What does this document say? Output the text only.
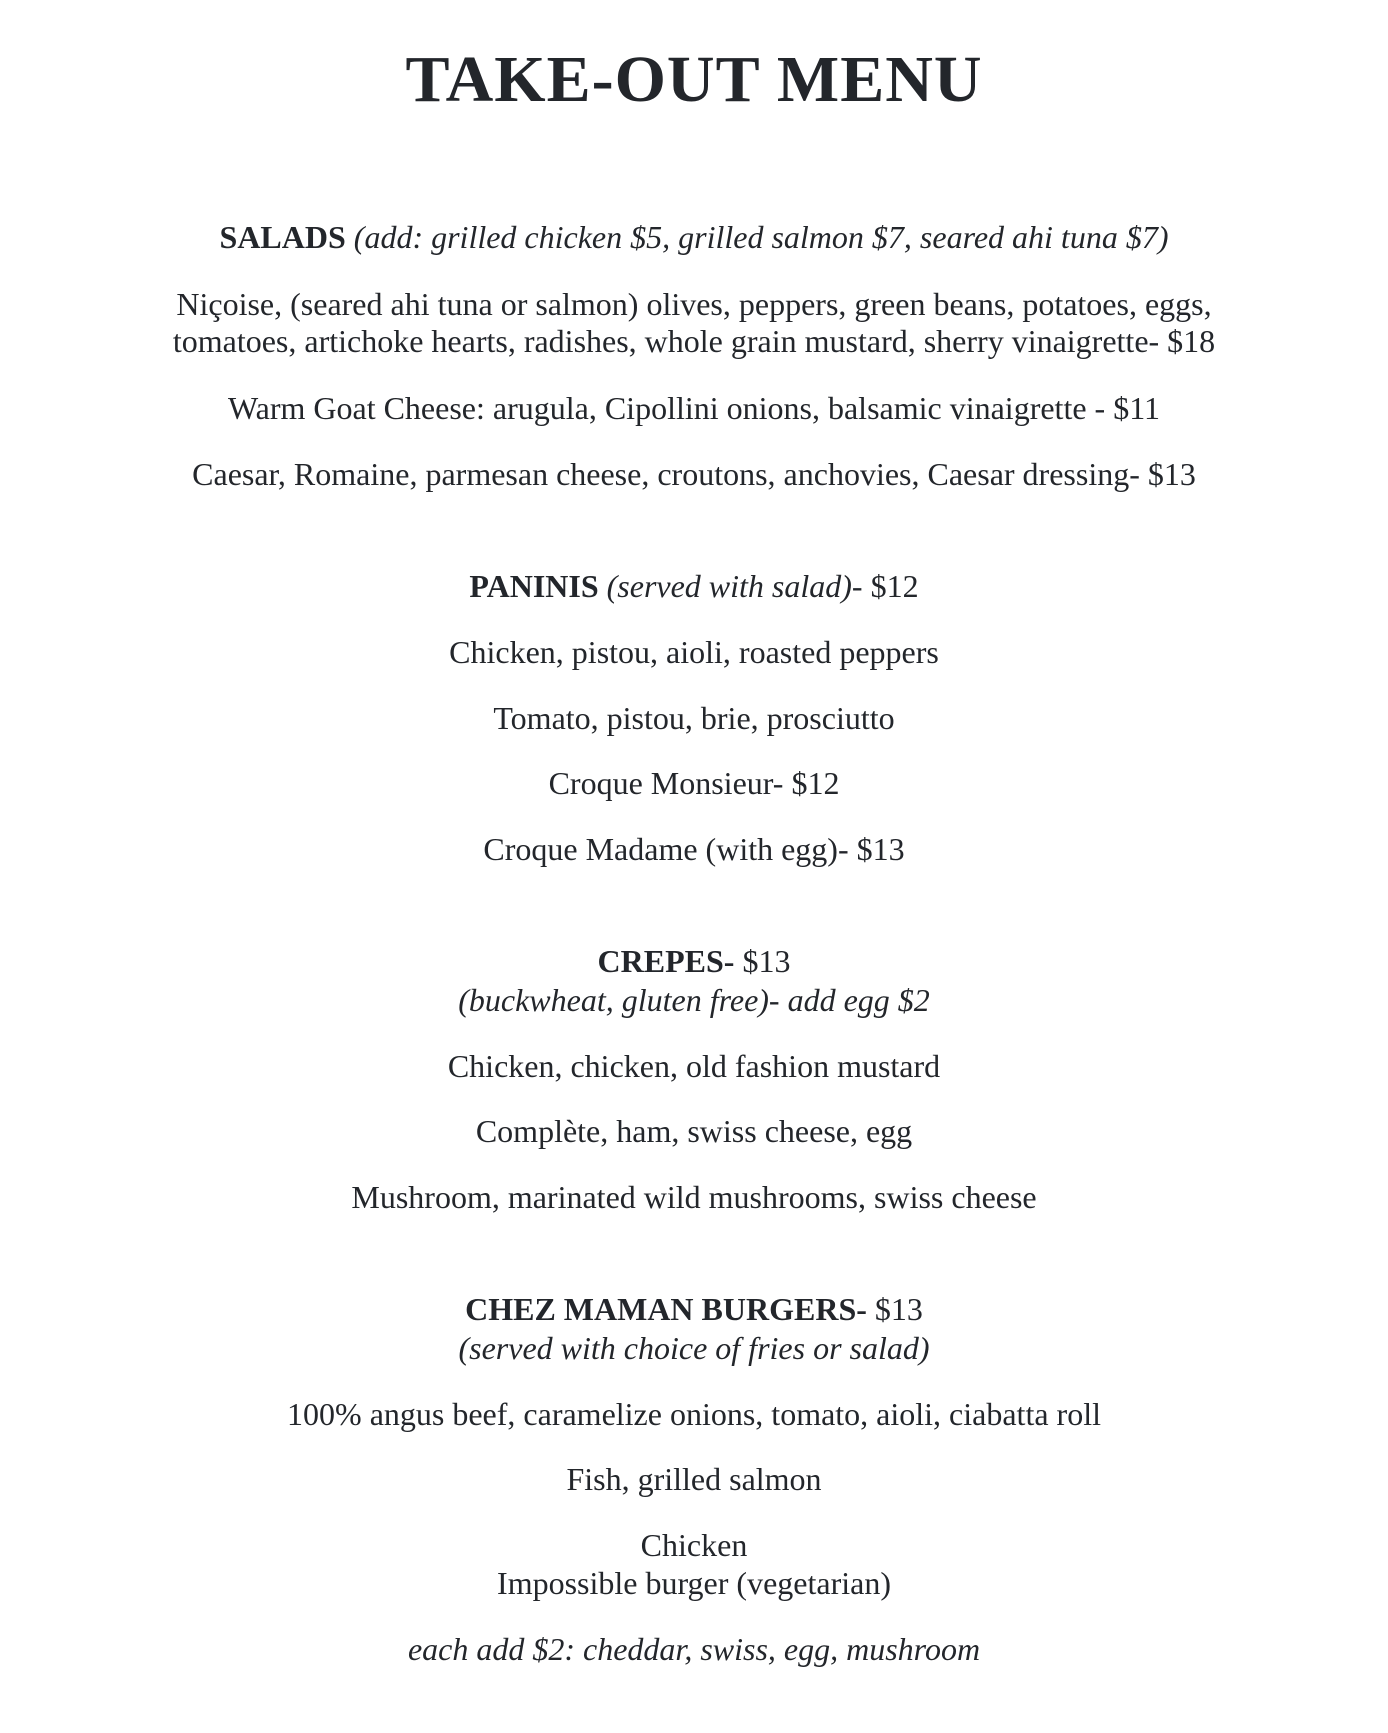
TAKE-OUT MENU
SALADS (add: grilled chicken $5, grilled salmon $7, seared ahi tuna $7)
Niçoise, (seared ahi tuna or salmon) olives, peppers, green beans, potatoes, eggs,
tomatoes, artichoke hearts, radishes, whole grain mustard, sherry vinaigrette- $18
Warm Goat Cheese: arugula, Cipollini onions, balsamic vinaigrette - $11
Caesar, Romaine, parmesan cheese, croutons, anchovies, Caesar dressing- $13
PANINIS (served with salad)- $12
Chicken, pistou, aioli, roasted peppers
Tomato, pistou, brie, prosciutto
Croque Monsieur- $12
Croque Madame (with egg)- $13
CREPES- $13
(buckwheat, gluten free)- add egg $2
Chicken, chicken, old fashion mustard
Complète, ham, swiss cheese, egg
Mushroom, marinated wild mushrooms, swiss cheese
CHEZ MAMAN BURGERS- $13
(served with choice of fries or salad)
100% angus beef, caramelize onions, tomato, aioli, ciabatta roll
Fish, grilled salmon
Chicken
Impossible burger (vegetarian)
each add $2: cheddar, swiss, egg, mushroom
